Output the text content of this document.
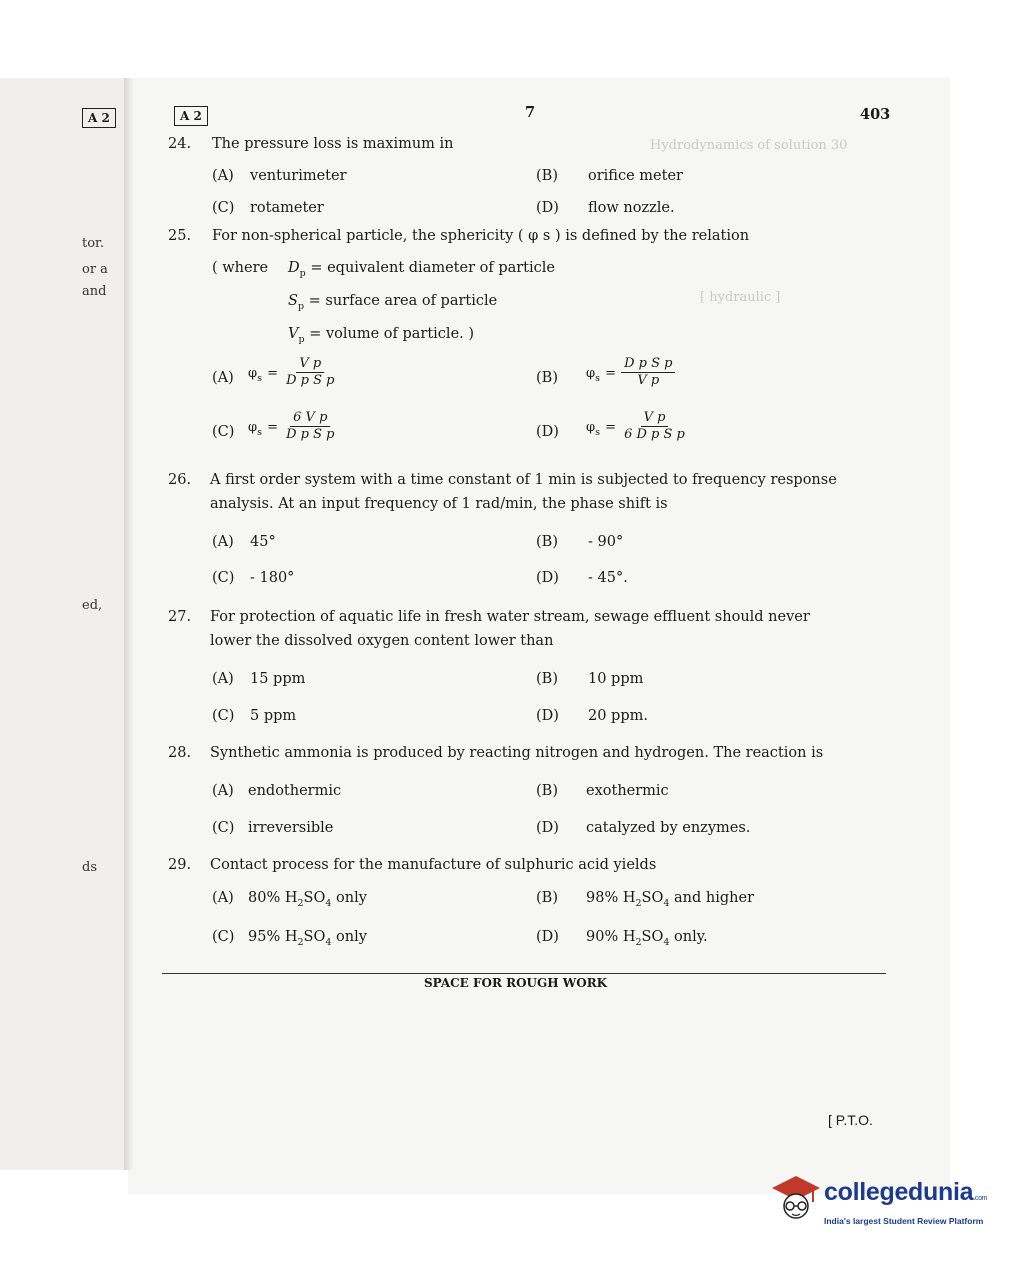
A 2
tor.
or a
and
ed,
ds
A 2	7	403
Hydrodynamics of solution 30
[ hydraulic ]
24. The pressure loss is maximum in
(A) venturimeter	(B) orifice meter
(C) rotameter	(D) flow nozzle.
25. For non-spherical particle, the sphericity ( φ s ) is defined by the relation
( where $D_p$ = equivalent diameter of particle
$S_p$ = surface area of particle
$V_p$ = volume of particle. )
(A) $\varphi_s = \frac{\text{V p}}{\text{D p S p}}$	(B) $\varphi_s = \frac{\text{D p S p}}{\text{V p}}$
(C) $\varphi_s = \frac{\text{6 V p}}{\text{D p S p}}$	(D) $\varphi_s = \frac{\text{V p}}{\text{6 D p S p}}$
26. A first order system with a time constant of 1 min is subjected to frequency response
analysis. At an input frequency of 1 rad/min, the phase shift is
(A) 45°	(B) - 90°
(C) - 180°	(D) - 45°.
27. For protection of aquatic life in fresh water stream, sewage effluent should never
lower the dissolved oxygen content lower than
(A) 15 ppm	(B) 10 ppm
(C) 5 ppm	(D) 20 ppm.
28. Synthetic ammonia is produced by reacting nitrogen and hydrogen. The reaction is
(A) endothermic	(B) exothermic
(C) irreversible	(D) catalyzed by enzymes.
29. Contact process for the manufacture of sulphuric acid yields
(A) 80% $H_2SO_4$ only	(B) 98% $H_2SO_4$ and higher
(C) 95% $H_2SO_4$ only	(D) 90% $H_2SO_4$ only.
SPACE FOR ROUGH WORK
[ P.T.O.
collegedunia.com
India's largest Student Review Platform
